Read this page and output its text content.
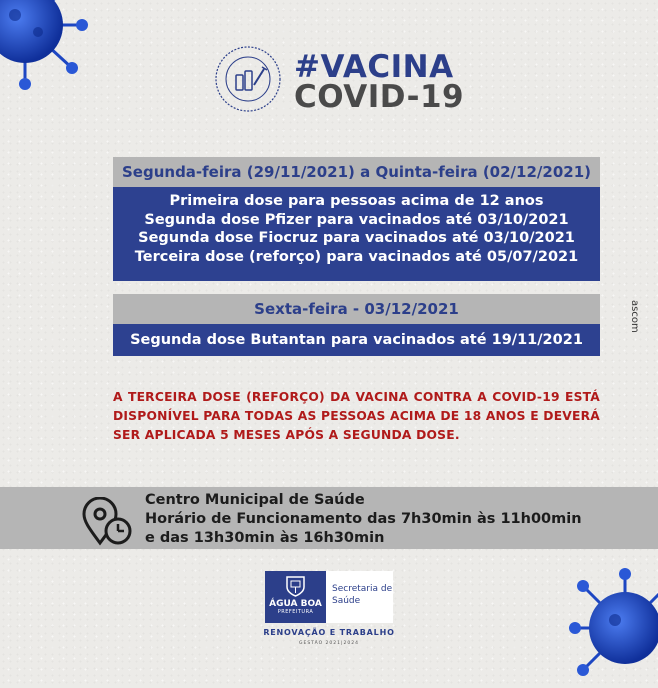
#VACINA
COVID-19
Segunda-feira (29/11/2021) a Quinta-feira (02/12/2021)
Primeira dose para pessoas acima de 12 anos
Segunda dose Pfizer para vacinados até 03/10/2021
Segunda dose Fiocruz para vacinados até 03/10/2021
Terceira dose (reforço) para vacinados até 05/07/2021
Sexta-feira - 03/12/2021
Segunda dose Butantan para vacinados até 19/11/2021
A TERCEIRA DOSE (REFORÇO) DA VACINA CONTRA A COVID-19 ESTÁ DISPONÍVEL PARA TODAS AS PESSOAS ACIMA DE 18 ANOS E DEVERÁ SER APLICADA 5 MESES APÓS A SEGUNDA DOSE.
Centro Municipal de Saúde
Horário de Funcionamento das 7h30min às 11h00min
e das 13h30min às 16h30min
ÁGUA BOA
PREFEITURA
Secretaria de
Saúde
RENOVAÇÃO E TRABALHO
GESTÃO 2021|2024
ascom
